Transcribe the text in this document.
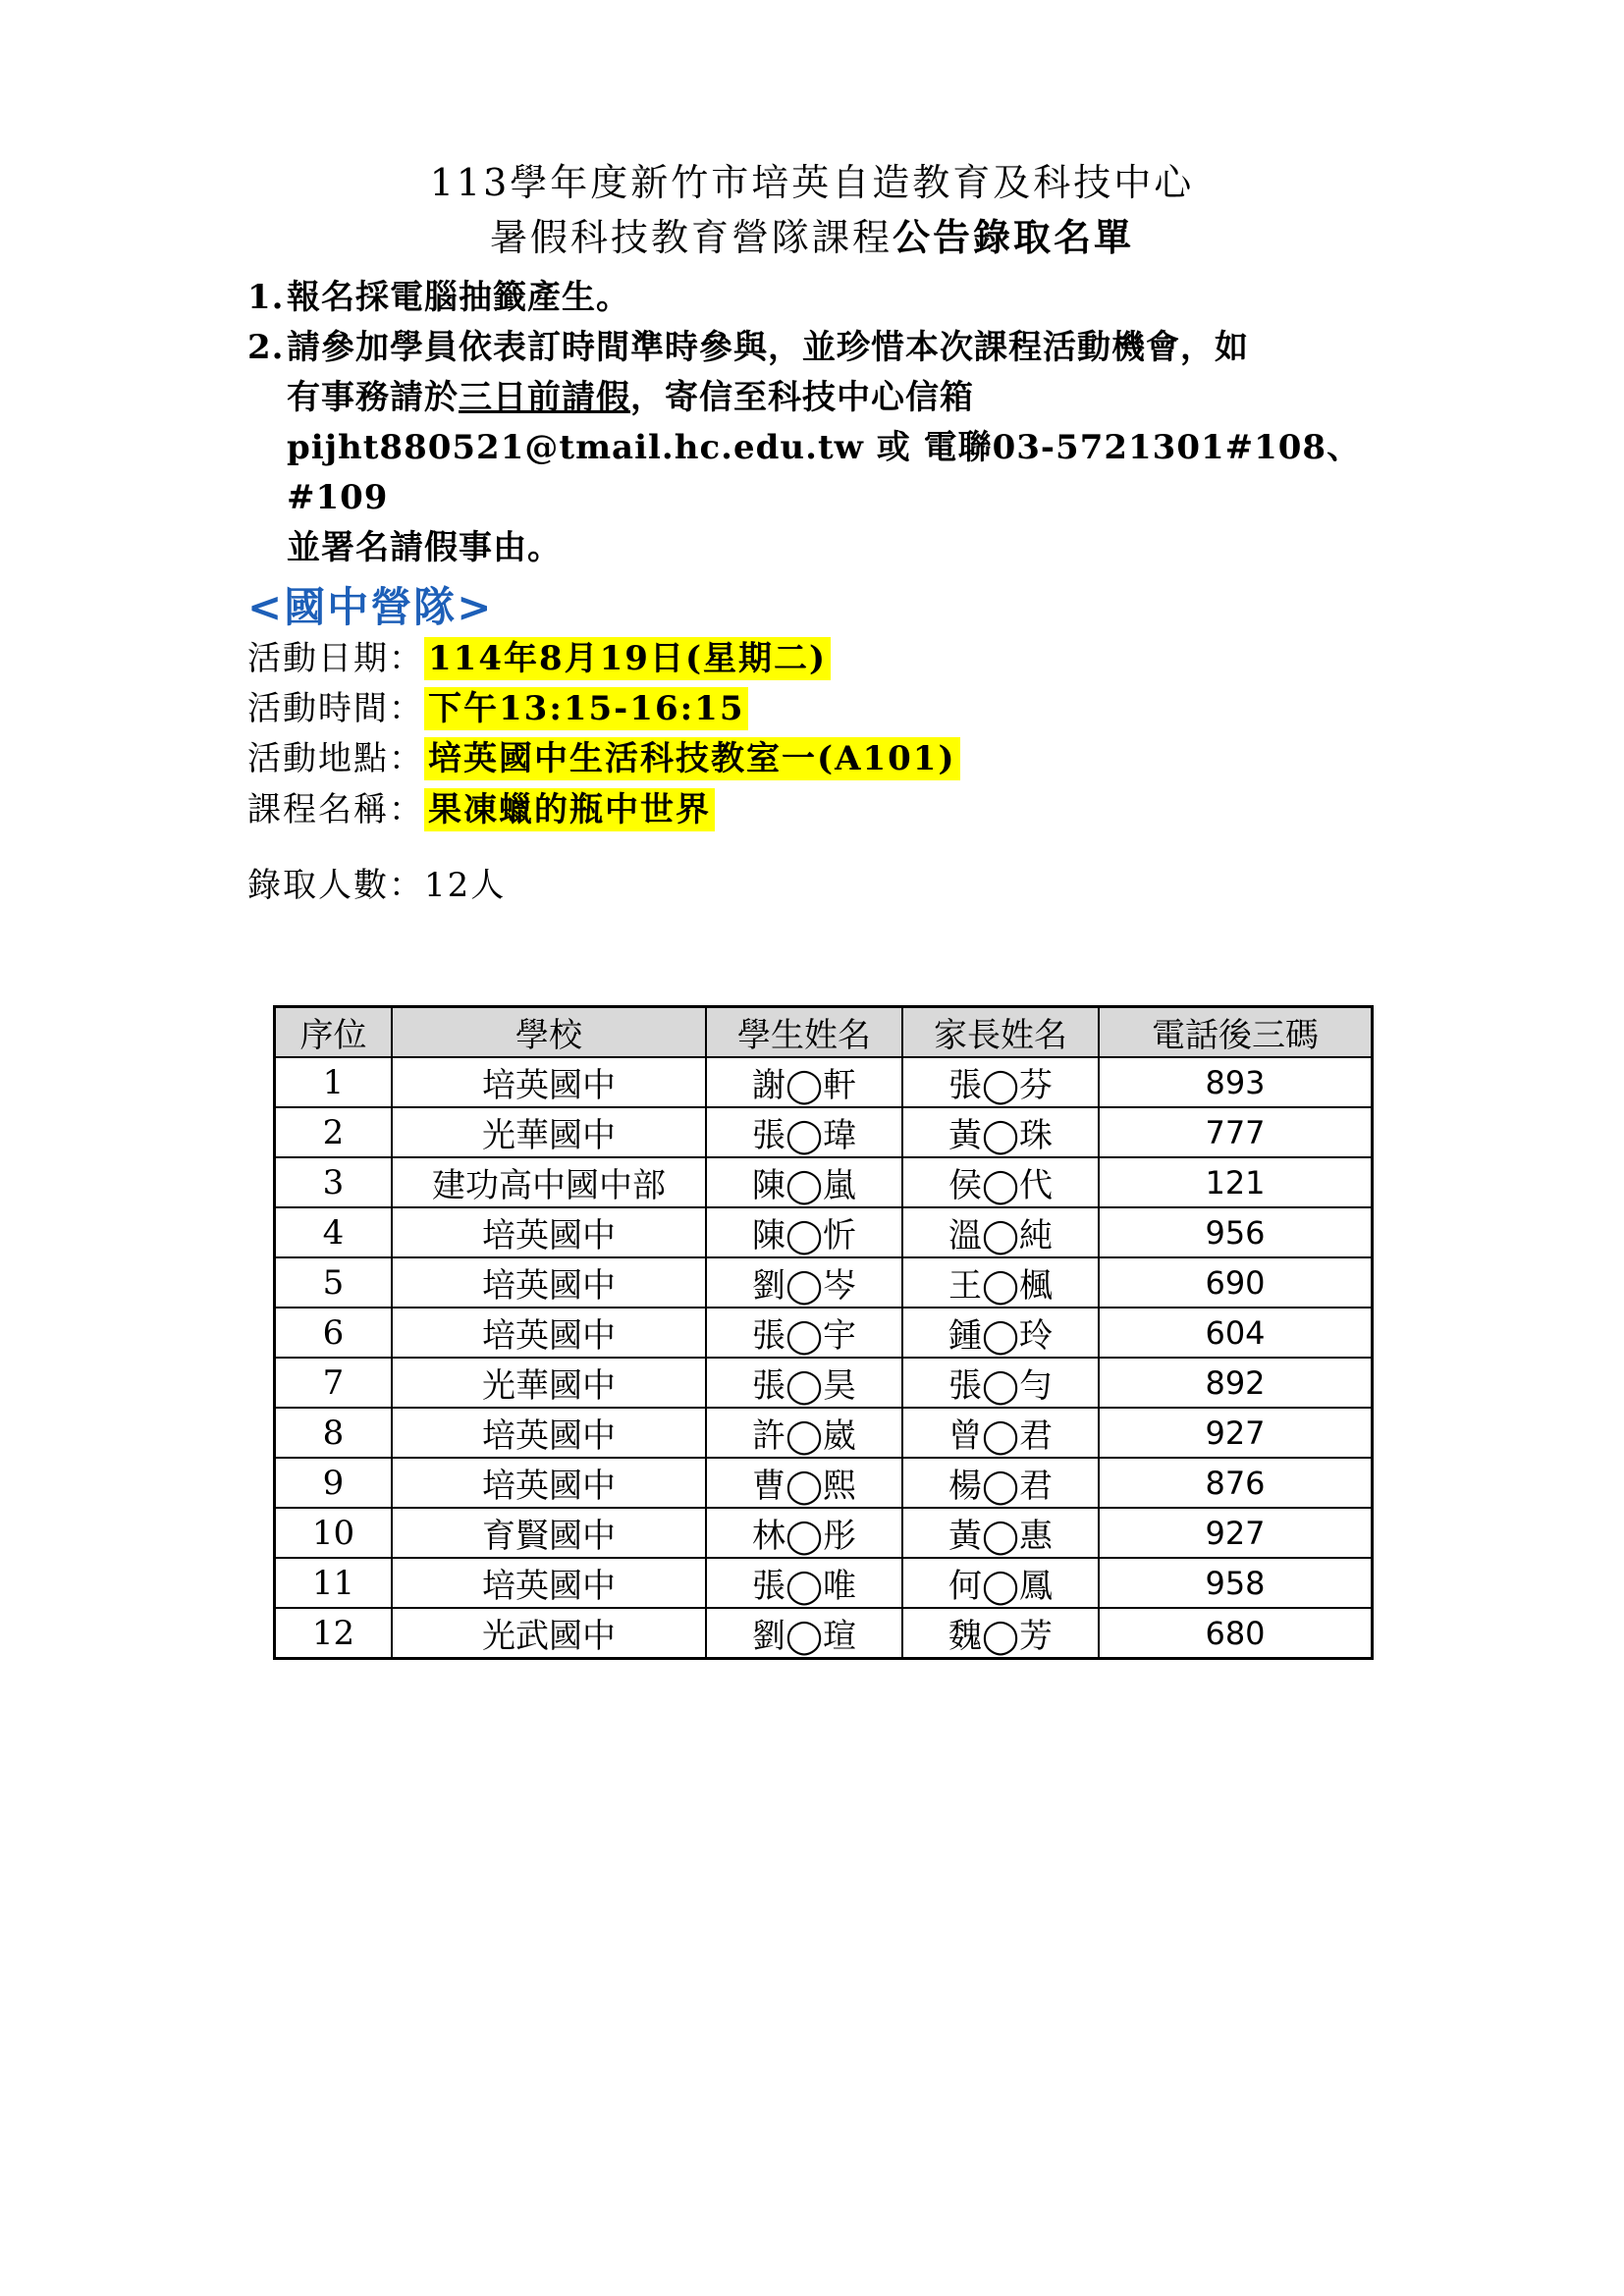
113學年度新竹市培英自造教育及科技中心
暑假科技教育營隊課程公告錄取名單
1.報名採電腦抽籤產生。
2.請參加學員依表訂時間準時參與，並珍惜本次課程活動機會，如
有事務請於三日前請假，寄信至科技中心信箱
pijht880521@tmail.hc.edu.tw 或 電聯03-5721301#108、#109
並署名請假事由。
<國中營隊>
活動日期： 114年8月19日(星期二)
活動時間： 下午13:15-16:15
活動地點： 培英國中生活科技教室一(A101)
課程名稱： 果凍蠟的瓶中世界
錄取人數：12人
序位	學校	學生姓名	家長姓名	電話後三碼
1	培英國中	謝◯軒	張◯芬	893
2	光華國中	張◯瑋	黃◯珠	777
3	建功高中國中部	陳◯嵐	侯◯代	121
4	培英國中	陳◯忻	溫◯純	956
5	培英國中	劉◯岑	王◯楓	690
6	培英國中	張◯宇	鍾◯玲	604
7	光華國中	張◯昊	張◯勻	892
8	培英國中	許◯崴	曾◯君	927
9	培英國中	曹◯熙	楊◯君	876
10	育賢國中	林◯彤	黃◯惠	927
11	培英國中	張◯唯	何◯鳳	958
12	光武國中	劉◯瑄	魏◯芳	680
